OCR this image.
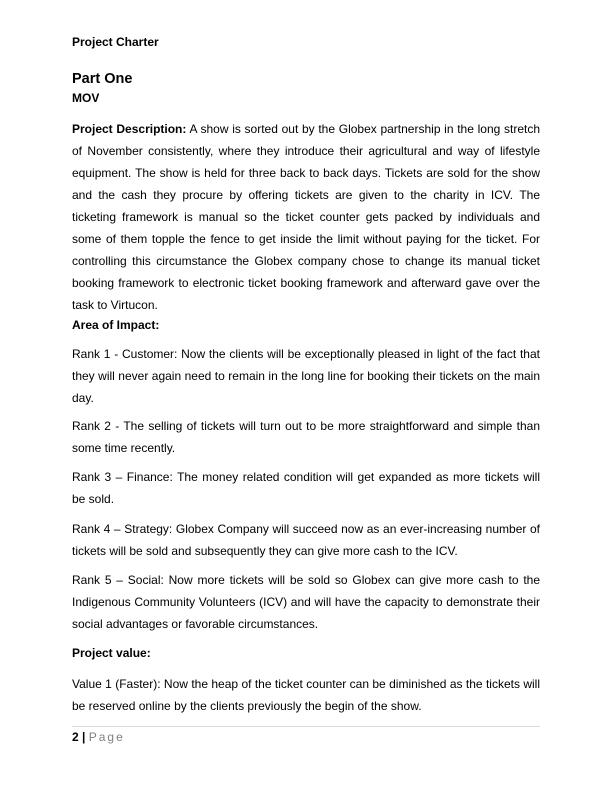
Project Charter

Part One

MOV

Project Description: A show is sorted out by the Globex partnership in the long stretch of November consistently, where they introduce their agricultural and way of lifestyle equipment. The show is held for three back to back days. Tickets are sold for the show and the cash they procure by offering tickets are given to the charity in ICV. The ticketing framework is manual so the ticket counter gets packed by individuals and some of them topple the fence to get inside the limit without paying for the ticket. For controlling this circumstance the Globex company chose to change its manual ticket booking framework to electronic ticket booking framework and afterward gave over the task to Virtucon.

Area of Impact:

Rank 1 - Customer: Now the clients will be exceptionally pleased in light of the fact that they will never again need to remain in the long line for booking their tickets on the main day.

Rank 2 - The selling of tickets will turn out to be more straightforward and simple than some time recently.

Rank 3 – Finance: The money related condition will get expanded as more tickets will be sold.

Rank 4 – Strategy: Globex Company will succeed now as an ever-increasing number of tickets will be sold and subsequently they can give more cash to the ICV.

Rank 5 – Social: Now more tickets will be sold so Globex can give more cash to the Indigenous Community Volunteers (ICV) and will have the capacity to demonstrate their social advantages or favorable circumstances.

Project value:

Value 1 (Faster): Now the heap of the ticket counter can be diminished as the tickets will be reserved online by the clients previously the begin of the show.

2 | Page
